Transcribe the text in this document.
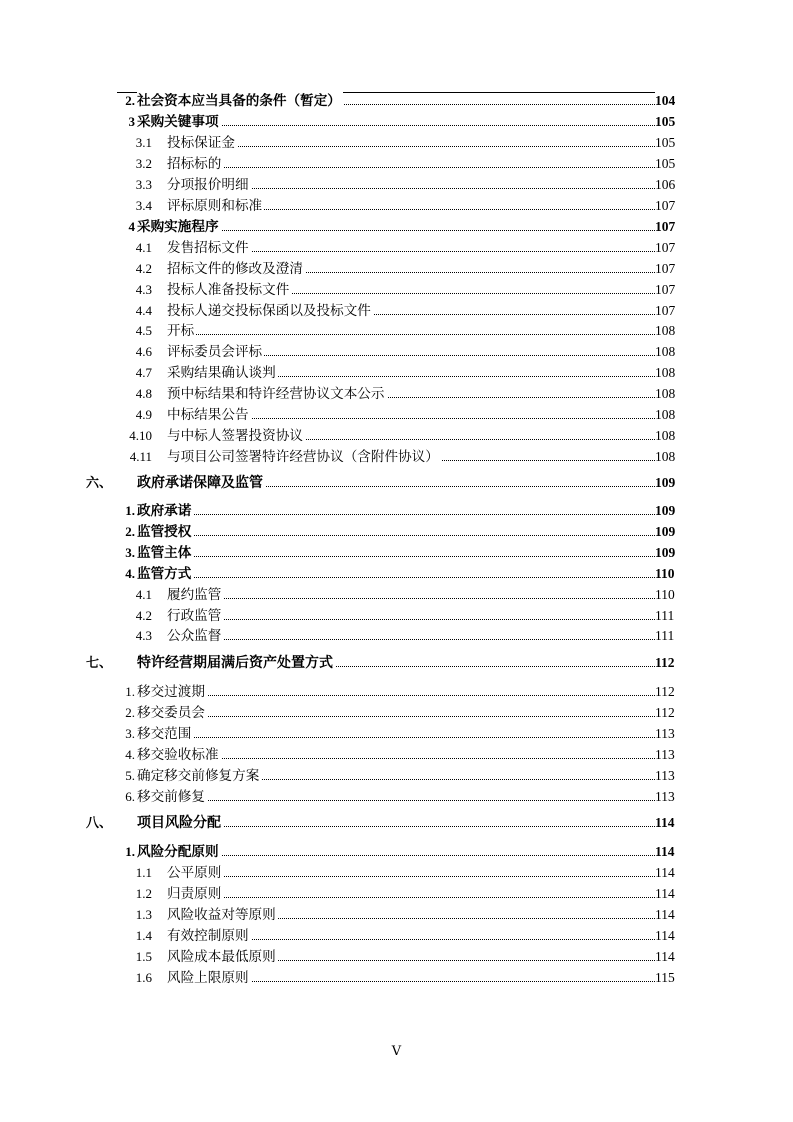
2. 社会资本应当具备的条件（暂定）	104
3 采购关键事项	105
3.1 投标保证金	105
3.2 招标标的	105
3.3 分项报价明细	106
3.4 评标原则和标准	107
4 采购实施程序	107
4.1 发售招标文件	107
4.2 招标文件的修改及澄清	107
4.3 投标人准备投标文件	107
4.4 投标人递交投标保函以及投标文件	107
4.5 开标	108
4.6 评标委员会评标	108
4.7 采购结果确认谈判	108
4.8 预中标结果和特许经营协议文本公示	108
4.9 中标结果公告	108
4.10 与中标人签署投资协议	108
4.11 与项目公司签署特许经营协议（含附件协议）	108
六、 政府承诺保障及监管	109
1. 政府承诺	109
2. 监管授权	109
3. 监管主体	109
4. 监管方式	110
4.1 履约监管	110
4.2 行政监管	111
4.3 公众监督	111
七、 特许经营期届满后资产处置方式	112
1. 移交过渡期	112
2. 移交委员会	112
3. 移交范围	113
4. 移交验收标准	113
5. 确定移交前修复方案	113
6. 移交前修复	113
八、 项目风险分配	114
1. 风险分配原则	114
1.1 公平原则	114
1.2 归责原则	114
1.3 风险收益对等原则	114
1.4 有效控制原则	114
1.5 风险成本最低原则	114
1.6 风险上限原则	115
V
